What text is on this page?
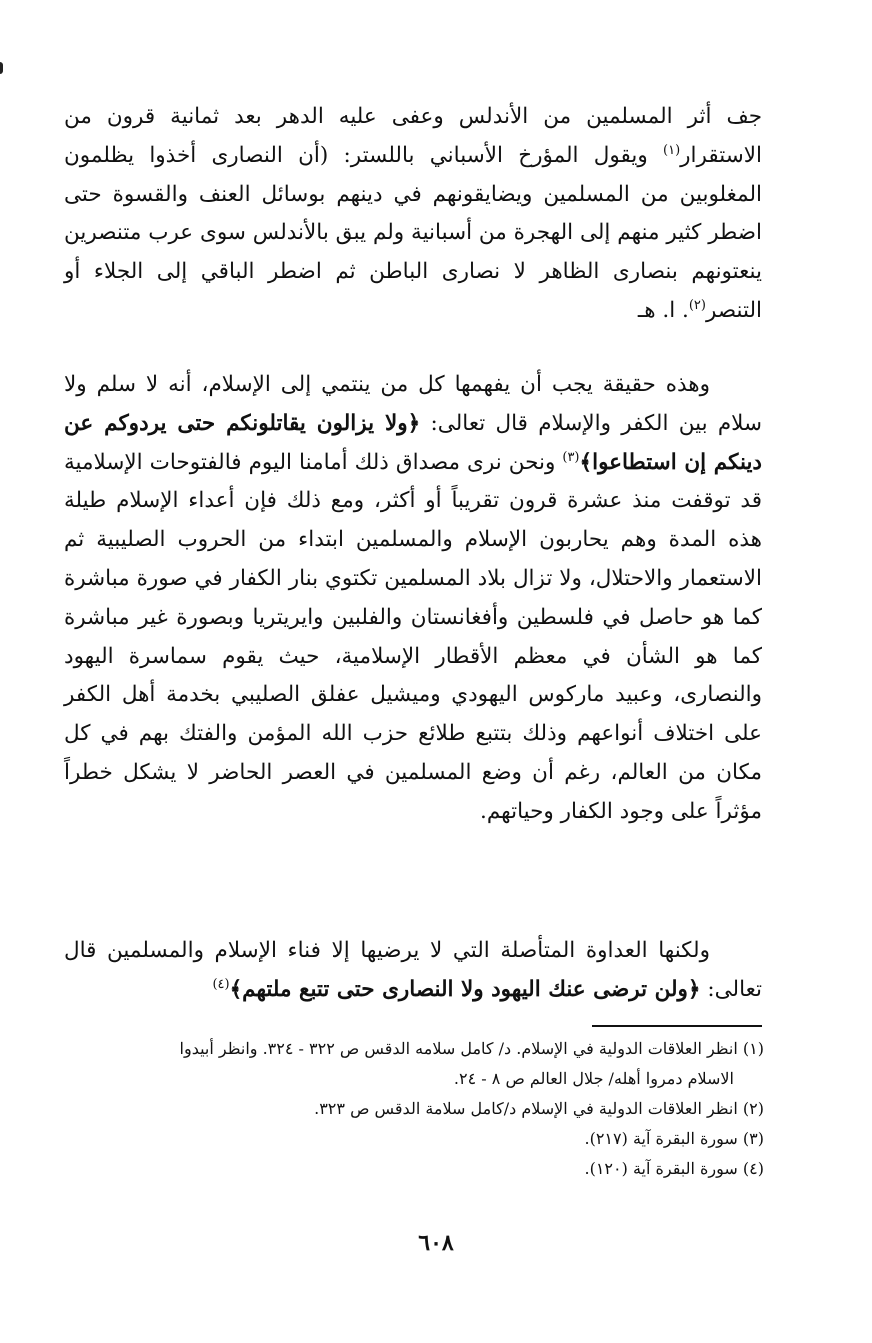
جف أثر المسلمين من الأندلس وعفى عليه الدهر بعد ثمانية قرون من الاستقرار$^{(١)}$ ويقول المؤرخ الأسباني باللستر: (أن النصارى أخذوا يظلمون المغلوبين من المسلمين ويضايقونهم في دينهم بوسائل العنف والقسوة حتى اضطر كثير منهم إلى الهجرة من أسبانية ولم يبق بالأندلس سوى عرب متنصرين ينعتونهم بنصارى الظاهر لا نصارى الباطن ثم اضطر الباقي إلى الجلاء أو التنصر$^{(٢)}$. ا. هـ

وهذه حقيقة يجب أن يفهمها كل من ينتمي إلى الإسلام، أنه لا سلم ولا سلام بين الكفر والإسلام قال تعالى: ﴿ولا يزالون يقاتلونكم حتى يردوكم عن دينكم إن استطاعوا﴾$^{(٣)}$ ونحن نرى مصداق ذلك أمامنا اليوم فالفتوحات الإسلامية قد توقفت منذ عشرة قرون تقريباً أو أكثر، ومع ذلك فإن أعداء الإسلام طيلة هذه المدة وهم يحاربون الإسلام والمسلمين ابتداء من الحروب الصليبية ثم الاستعمار والاحتلال، ولا تزال بلاد المسلمين تكتوي بنار الكفار في صورة مباشرة كما هو حاصل في فلسطين وأفغانستان والفلبين وايريتريا وبصورة غير مباشرة كما هو الشأن في معظم الأقطار الإسلامية، حيث يقوم سماسرة اليهود والنصارى، وعبيد ماركوس اليهودي وميشيل عفلق الصليبي بخدمة أهل الكفر على اختلاف أنواعهم وذلك بتتبع طلائع حزب الله المؤمن والفتك بهم في كل مكان من العالم، رغم أن وضع المسلمين في العصر الحاضر لا يشكل خطراً مؤثراً على وجود الكفار وحياتهم.

ولكنها العداوة المتأصلة التي لا يرضيها إلا فناء الإسلام والمسلمين قال تعالى: ﴿ولن ترضى عنك اليهود ولا النصارى حتى تتبع ملتهم﴾$^{(٤)}$

(١) انظر العلاقات الدولية في الإسلام. د/ كامل سلامه الدقس ص ٣٢٢ - ٣٢٤. وانظر أبيدوا

الاسلام دمروا أهله/ جلال العالم ص ٨ - ٢٤.

(٢) انظر العلاقات الدولية في الإسلام د/كامل سلامة الدقس ص ٣٢٣.

(٣) سورة البقرة آية (٢١٧).

(٤) سورة البقرة آية (١٢٠).

٦٠٨
